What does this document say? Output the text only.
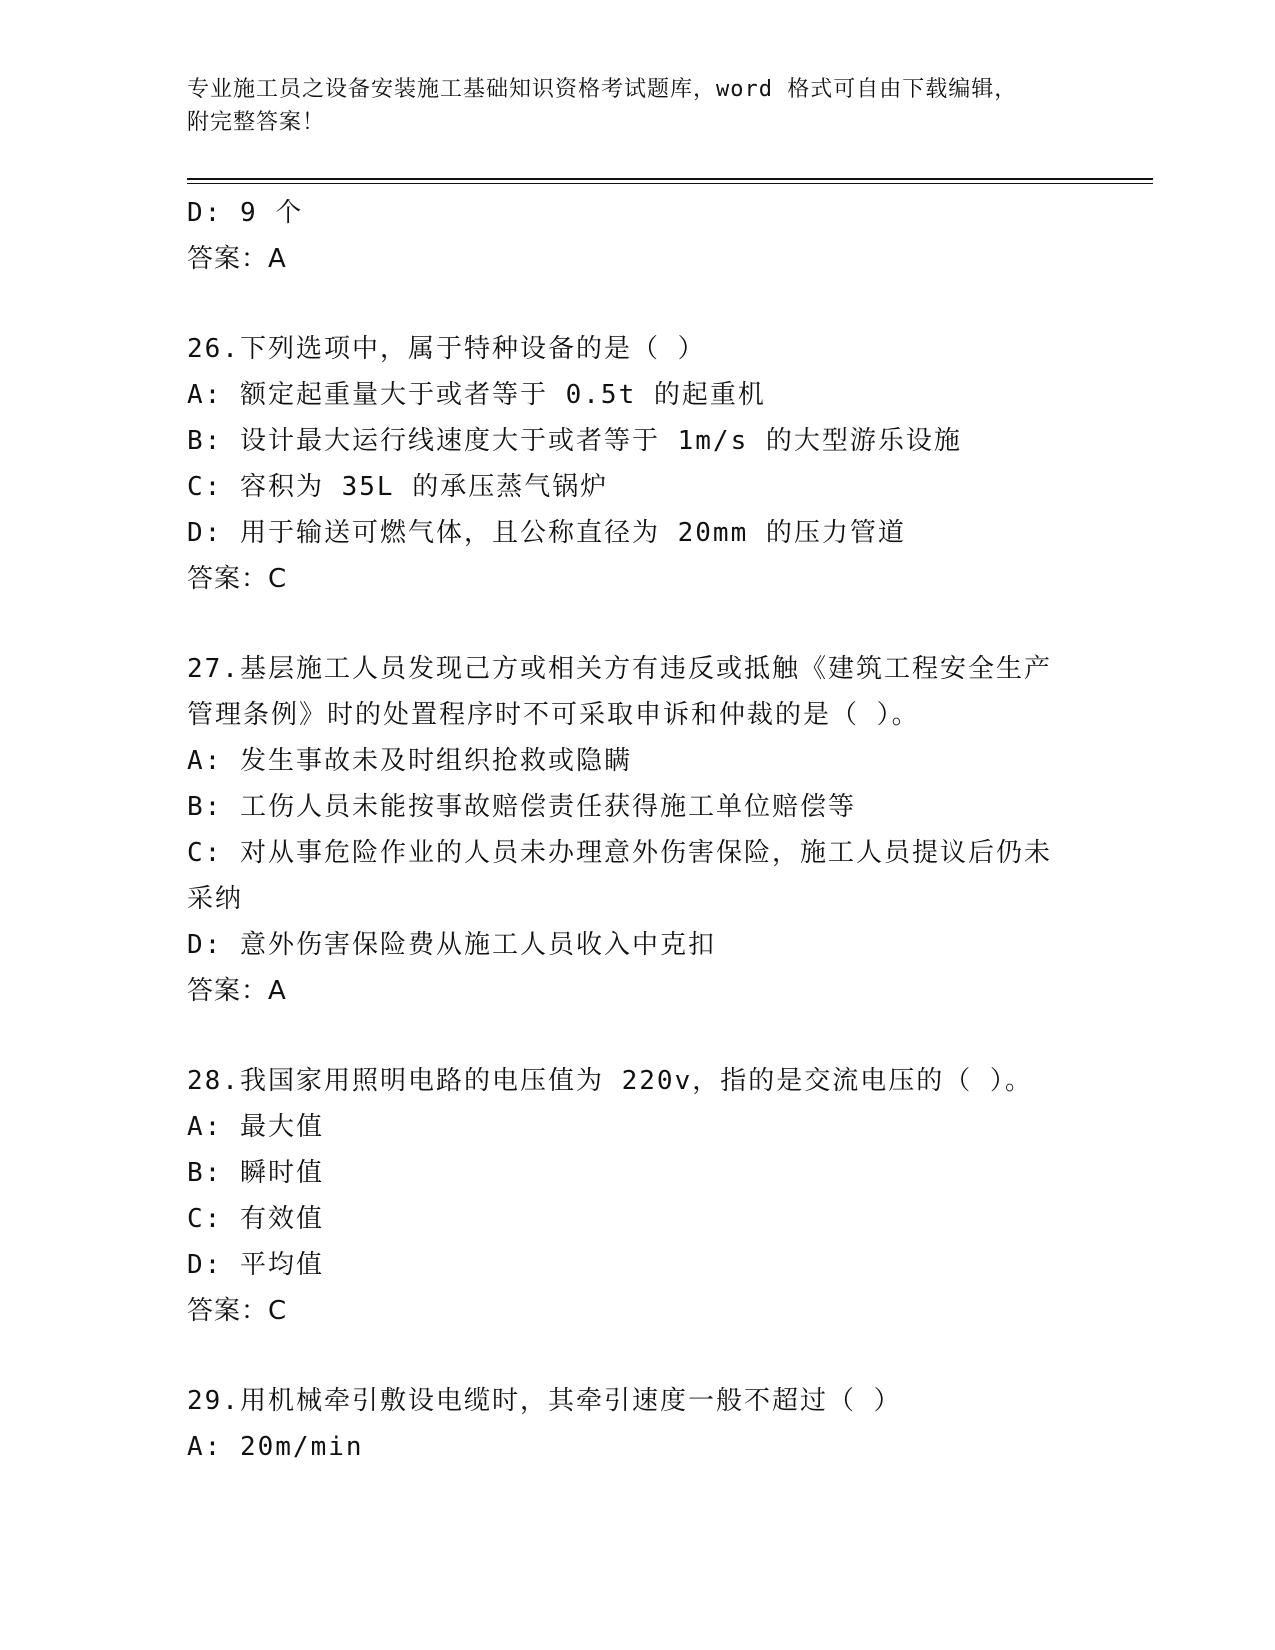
专业施工员之设备安装施工基础知识资格考试题库，word 格式可自由下载编辑，
附完整答案！
D: 9 个
答案：A
26.下列选项中，属于特种设备的是（ ）
A: 额定起重量大于或者等于 0.5t 的起重机
B: 设计最大运行线速度大于或者等于 1m/s 的大型游乐设施
C: 容积为 35L 的承压蒸气锅炉
D: 用于输送可燃气体，且公称直径为 20mm 的压力管道
答案：C
27.基层施工人员发现己方或相关方有违反或抵触《建筑工程安全生产
管理条例》时的处置程序时不可采取申诉和仲裁的是（ ）。
A: 发生事故未及时组织抢救或隐瞒
B: 工伤人员未能按事故赔偿责任获得施工单位赔偿等
C: 对从事危险作业的人员未办理意外伤害保险，施工人员提议后仍未
采纳
D: 意外伤害保险费从施工人员收入中克扣
答案：A
28.我国家用照明电路的电压值为 220v，指的是交流电压的（ ）。
A: 最大值
B: 瞬时值
C: 有效值
D: 平均值
答案：C
29.用机械牵引敷设电缆时，其牵引速度一般不超过（ ）
A: 20m/min
